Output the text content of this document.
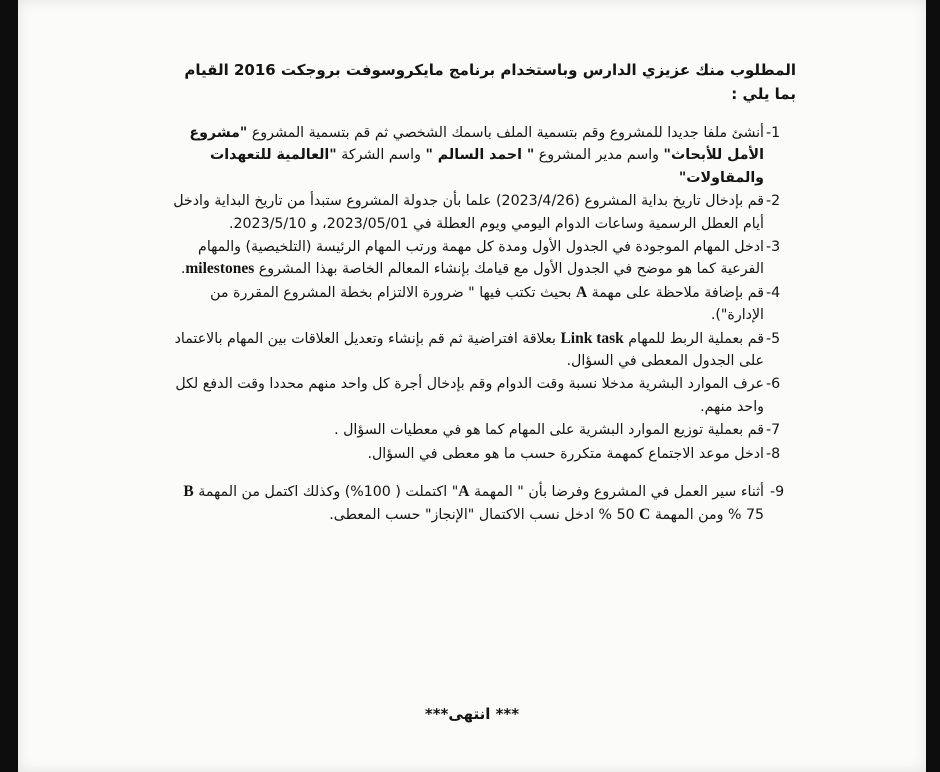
المطلوب منك عزيزي الدارس وباستخدام برنامج مايكروسوفت بروجكت 2016 القيام بما يلي :

-1
أنشئ ملفا جديدا للمشروع وقم بتسمية الملف باسمك الشخصي ثم قم بتسمية المشروع "مشروع الأمل للأبحاث" واسم مدير المشروع " احمد السالم " واسم الشركة "العالمية للتعهدات والمقاولات"
-2
قم بإدخال تاريخ بداية المشروع (2023/4/26) علما بأن جدولة المشروع ستبدأ من تاريخ البداية وادخل أيام العطل الرسمية وساعات الدوام اليومي ويوم العطلة في 2023/05/01، و 2023/5/10.
-3
ادخل المهام الموجودة في الجدول الأول ومدة كل مهمة ورتب المهام الرئيسة (التلخيصية) والمهام الفرعية كما هو موضح في الجدول الأول مع قيامك بإنشاء المعالم الخاصة بهذا المشروع milestones.
-4
قم بإضافة ملاحظة على مهمة A بحيث تكتب فيها " ضرورة الالتزام بخطة المشروع المقررة من الإدارة").
-5
قم بعملية الربط للمهام Link task بعلاقة افتراضية ثم قم بإنشاء وتعديل العلاقات بين المهام بالاعتماد على الجدول المعطى في السؤال.
-6
عرف الموارد البشرية مدخلا نسبة وقت الدوام وقم بإدخال أجرة كل واحد منهم محددا وقت الدفع لكل واحد منهم.
-7
قم بعملية توزيع الموارد البشرية على المهام كما هو في معطيات السؤال .
-8
ادخل موعد الاجتماع كمهمة متكررة حسب ما هو معطى في السؤال.
-9
أثناء سير العمل في المشروع وفرضا بأن " المهمة A" اكتملت ( 100%) وكذلك اكتمل من المهمة B 75 % ومن المهمة C 50 % ادخل نسب الاكتمال "الإنجاز" حسب المعطى.
*** انتهى***
